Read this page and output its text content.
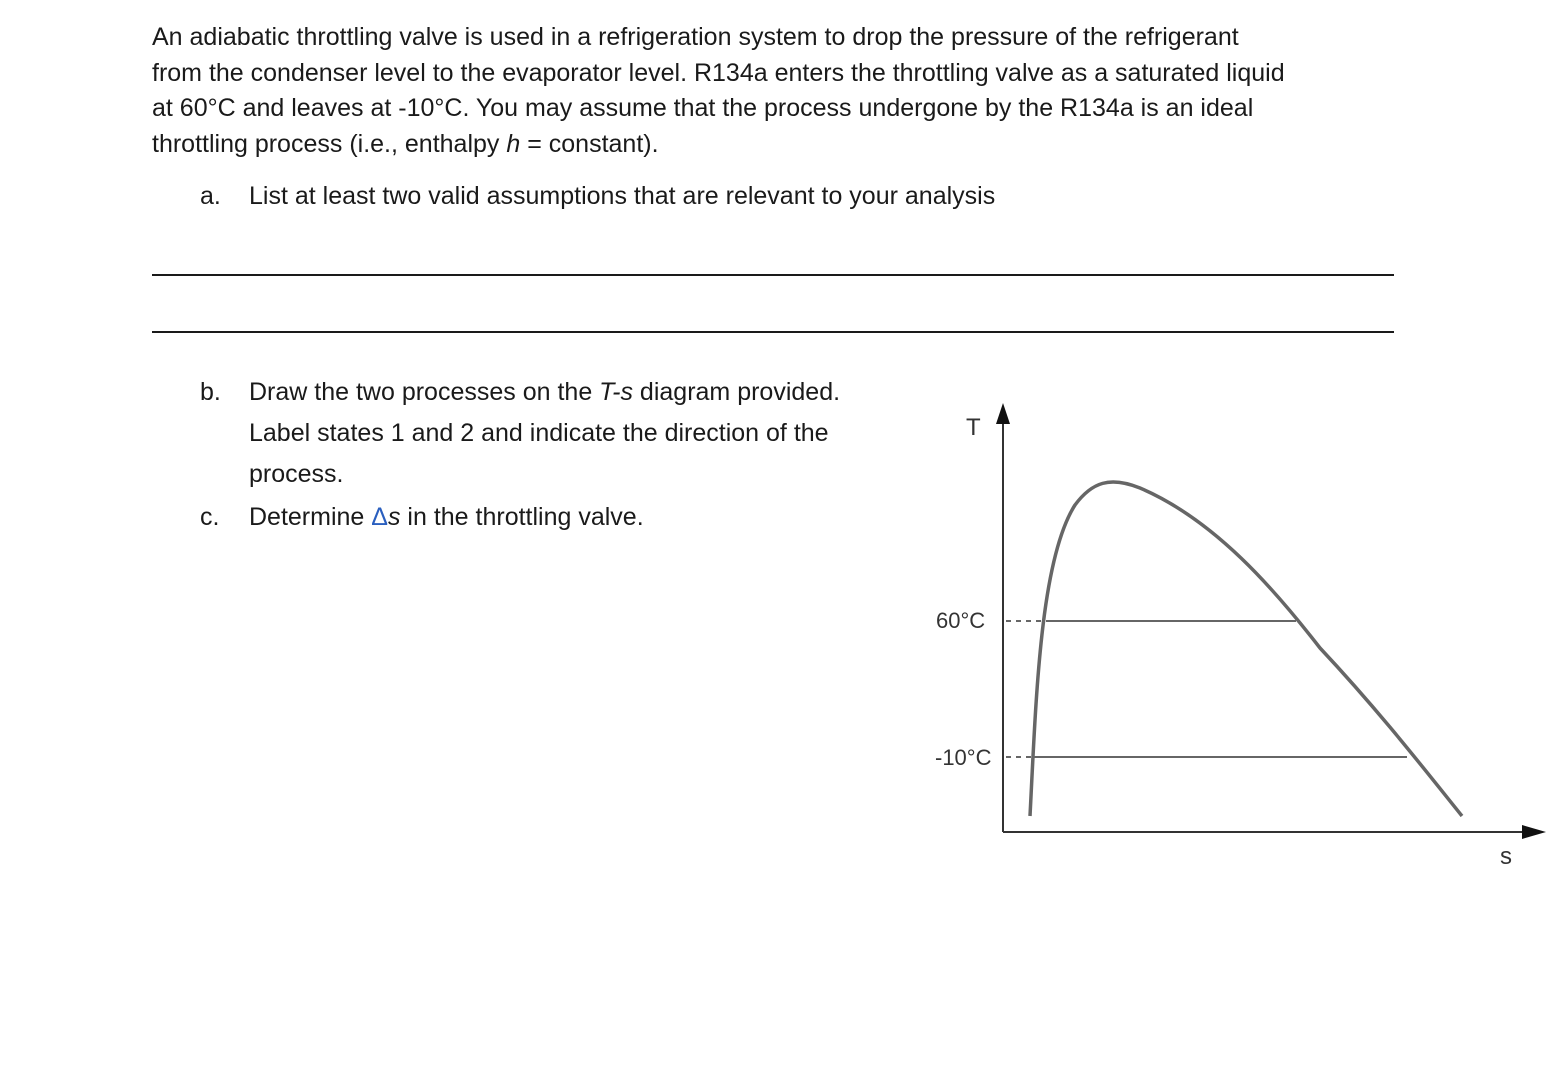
An adiabatic throttling valve is used in a refrigeration system to drop the pressure of the refrigerant
from the condenser level to the evaporator level. R134a enters the throttling valve as a saturated liquid
at 60°C and leaves at -10°C. You may assume that the process undergone by the R134a is an ideal
throttling process (i.e., enthalpy h = constant).
a. List at least two valid assumptions that are relevant to your analysis
b. Draw the two processes on the T-s diagram provided.
Label states 1 and 2 and indicate the direction of the
process.
c. Determine Δs in the throttling valve.
T
s
60°C
-10°C
